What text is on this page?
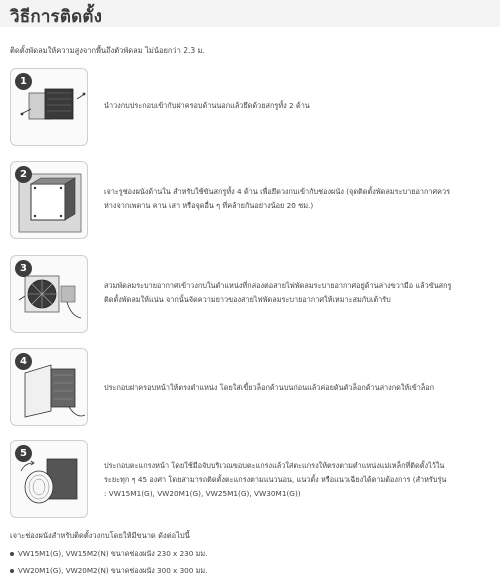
วิธีการติดตั้ง
ติดตั้งพัดลมให้ความสูงจากพื้นถึงตัวพัดลม ไม่น้อยกว่า 2.3 ม.
1
นำวงกบประกอบเข้ากับฝาครอบด้านนอกแล้วยึดด้วยสกรูทั้ง 2 ด้าน
2
เจาะรูช่องผนังด้านใน สำหรับใช้ขันสกรูทั้ง 4 ด้าน เพื่อยึดวงกบเข้ากับช่องผนัง (จุดติดตั้งพัดลมระบายอากาศควร
ห่างจากเพดาน คาน เสา หรือจุดอื่น ๆ ที่คล้ายกันอย่างน้อย 20 ซม.)
3
สวมพัดลมระบายอากาศเข้าวงกบในตำแหน่งที่กล่องต่อสายไฟพัดลมระบายอากาศอยู่ด้านล่างขวามือ แล้วขันสกรู
ติดตั้งพัดลมให้แน่น จากนั้นจัดความยาวของสายไฟพัดลมระบายอากาศให้เหมาะสมกับเต้ารับ
4
ประกอบฝาครอบหน้าให้ตรงตำแหน่ง โดยใส่เขี้ยวล็อกด้านบนก่อนแล้วค่อยดันตัวล็อกด้านล่างกดให้เข้าล็อก
5
ประกอบตะแกรงหน้า โดยใช้มือจับบริเวณขอบตะแกรงแล้วใส่ตะแกรงให้ตรงตามตำแหน่งแม่เหล็กที่ติดตั้งไว้ใน
ระยะทุก ๆ 45 องศา โดยสามารถติดตั้งตะแกรงตามแนวนอน, แนวตั้ง หรือแนวเฉียงได้ตามต้องการ (สำหรับรุ่น
: VW15M1(G), VW20M1(G), VW25M1(G), VW30M1(G))
เจาะช่องผนังสำหรับติดตั้งวงกบโดยให้มีขนาด ดังต่อไปนี้
VW15M1(G), VW15M2(N) ขนาดช่องผนัง 230 x 230 มม.
VW20M1(G), VW20M2(N) ขนาดช่องผนัง 300 x 300 มม.
